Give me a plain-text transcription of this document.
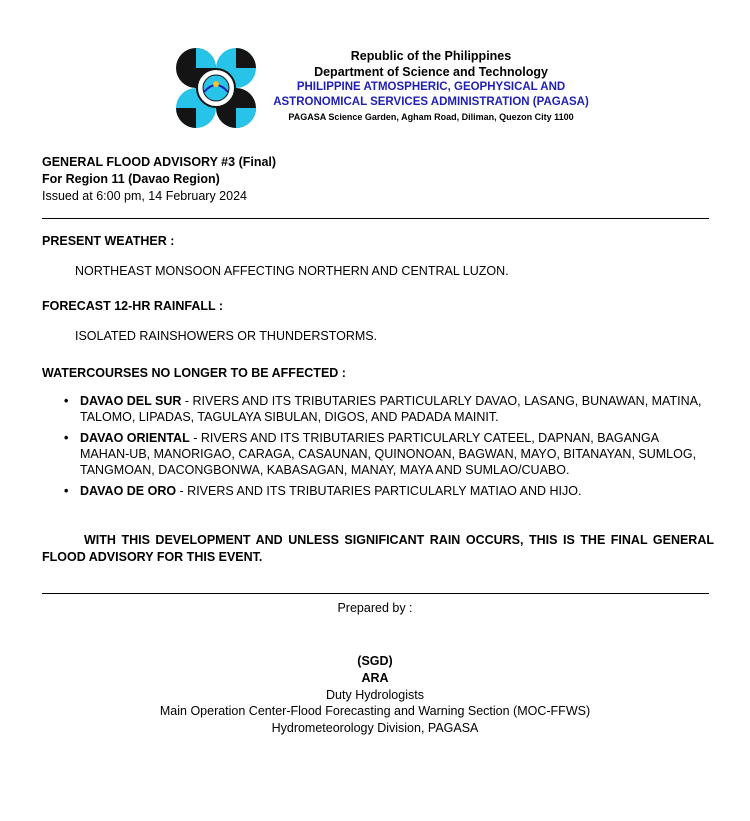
Republic of the Philippines
Department of Science and Technology
PHILIPPINE ATMOSPHERIC, GEOPHYSICAL AND
ASTRONOMICAL SERVICES ADMINISTRATION (PAGASA)
PAGASA Science Garden, Agham Road, Diliman, Quezon City 1100
GENERAL FLOOD ADVISORY #3 (Final)
For Region 11 (Davao Region)
Issued at 6:00 pm, 14 February 2024
PRESENT WEATHER :
NORTHEAST MONSOON AFFECTING NORTHERN AND CENTRAL LUZON.
FORECAST 12-HR RAINFALL :
ISOLATED RAINSHOWERS OR THUNDERSTORMS.
WATERCOURSES NO LONGER TO BE AFFECTED :
• DAVAO DEL SUR - RIVERS AND ITS TRIBUTARIES PARTICULARLY DAVAO, LASANG, BUNAWAN, MATINA, TALOMO, LIPADAS, TAGULAYA SIBULAN, DIGOS, AND PADADA MAINIT.
• DAVAO ORIENTAL - RIVERS AND ITS TRIBUTARIES PARTICULARLY CATEEL, DAPNAN, BAGANGA MAHAN-UB, MANORIGAO, CARAGA, CASAUNAN, QUINONOAN, BAGWAN, MAYO, BITANAYAN, SUMLOG, TANGMOAN, DACONGBONWA, KABASAGAN, MANAY, MAYA AND SUMLAO/CUABO.
• DAVAO DE ORO - RIVERS AND ITS TRIBUTARIES PARTICULARLY MATIAO AND HIJO.
WITH THIS DEVELOPMENT AND UNLESS SIGNIFICANT RAIN OCCURS, THIS IS THE FINAL GENERAL FLOOD ADVISORY FOR THIS EVENT.
Prepared by :
(SGD)
ARA
Duty Hydrologists
Main Operation Center-Flood Forecasting and Warning Section (MOC-FFWS)
Hydrometeorology Division, PAGASA
